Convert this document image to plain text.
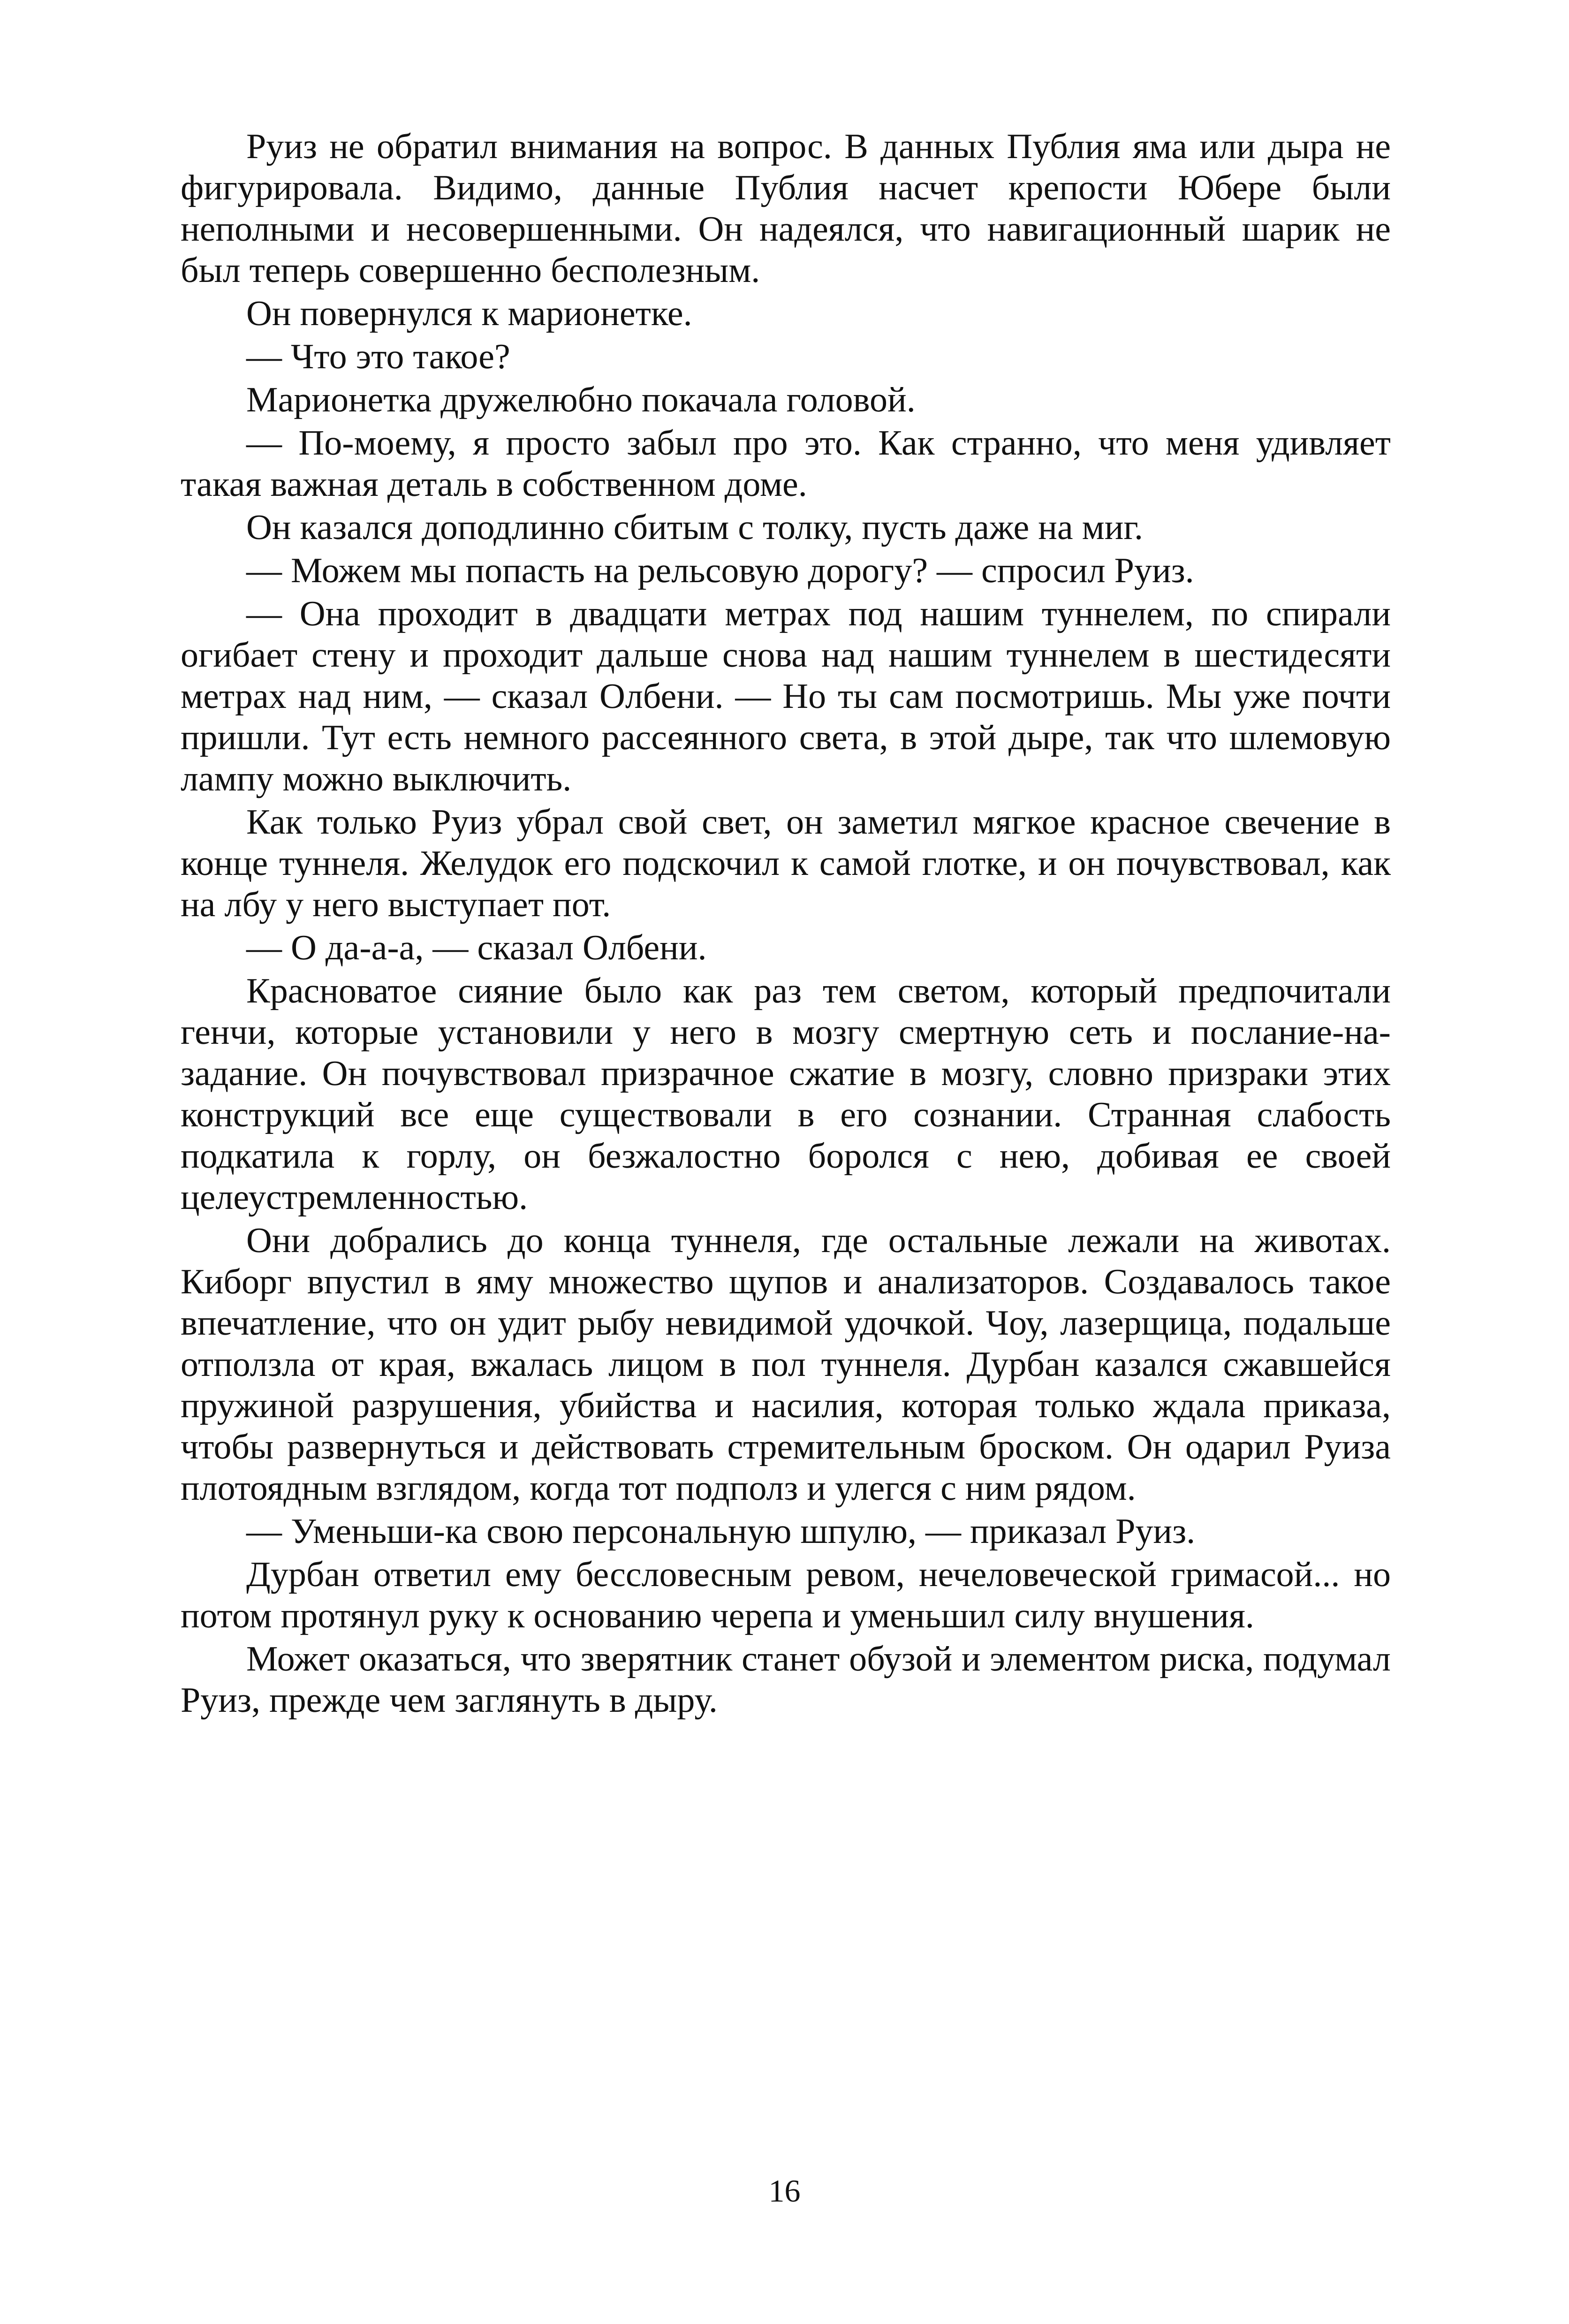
Руиз не обратил внимания на вопрос. В данных Публия яма или дыра не фигурировала. Видимо, данные Публия насчет крепости Юбере были неполными и несовершенными. Он надеялся, что навигационный шарик не был теперь совершенно бесполезным.

Он повернулся к марионетке.

— Что это такое?

Марионетка дружелюбно покачала головой.

— По-моему, я просто забыл про это. Как странно, что меня удивляет такая важная деталь в собственном доме.

Он казался доподлинно сбитым с толку, пусть даже на миг.

— Можем мы попасть на рельсовую дорогу? — спросил Руиз.

— Она проходит в двадцати метрах под нашим туннелем, по спирали огибает стену и проходит дальше снова над нашим туннелем в шестидесяти метрах над ним, — сказал Олбени. — Но ты сам посмотришь. Мы уже почти пришли. Тут есть немного рассеянного света, в этой дыре, так что шлемовую лампу можно выключить.

Как только Руиз убрал свой свет, он заметил мягкое красное свечение в конце туннеля. Желудок его подскочил к самой глотке, и он почувствовал, как на лбу у него выступает пот.

— О да-а-а, — сказал Олбени.

Красноватое сияние было как раз тем светом, который предпочитали генчи, которые установили у него в мозгу смертную сеть и послание-на-задание. Он почувствовал призрачное сжатие в мозгу, словно призраки этих конструкций все еще существовали в его сознании. Странная слабость подкатила к горлу, он безжалостно боролся с нею, добивая ее своей целеустремленностью.

Они добрались до конца туннеля, где остальные лежали на животах. Киборг впустил в яму множество щупов и анализаторов. Создавалось такое впечатление, что он удит рыбу невидимой удочкой. Чоу, лазерщица, подальше отползла от края, вжалась лицом в пол туннеля. Дурбан казался сжавшейся пружиной разрушения, убийства и насилия, которая только ждала приказа, чтобы развернуться и действовать стремительным броском. Он одарил Руиза плотоядным взглядом, когда тот подполз и улегся с ним рядом.

— Уменьши-ка свою персональную шпулю, — приказал Руиз.

Дурбан ответил ему бессловесным ревом, нечеловеческой гримасой... но потом протянул руку к основанию черепа и уменьшил силу внушения.

Может оказаться, что зверятник станет обузой и элементом риска, подумал Руиз, прежде чем заглянуть в дыру.

16
